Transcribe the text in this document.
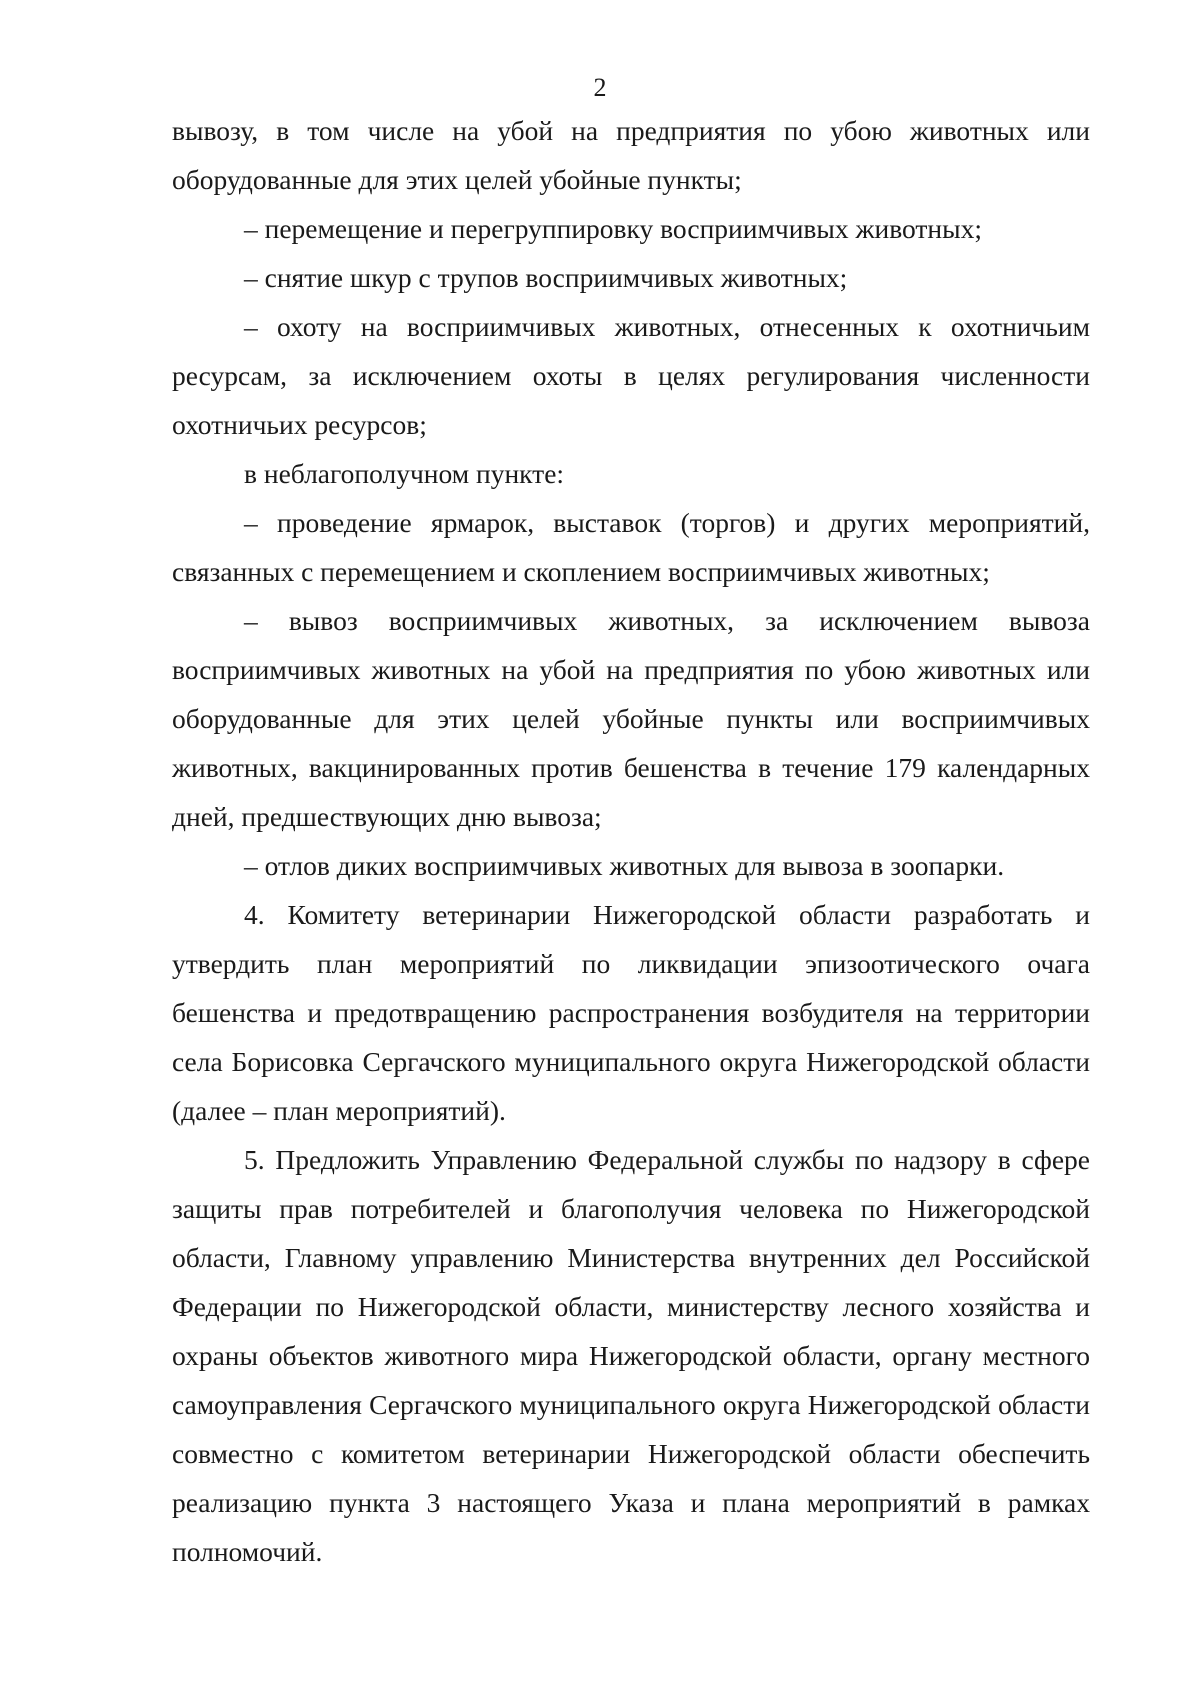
2

вывозу, в том числе на убой на предприятия по убою животных или оборудованные для этих целей убойные пункты;

– перемещение и перегруппировку восприимчивых животных;

– снятие шкур с трупов восприимчивых животных;

– охоту на восприимчивых животных, отнесенных к охотничьим ресурсам, за исключением охоты в целях регулирования численности охотничьих ресурсов;

в неблагополучном пункте:

– проведение ярмарок, выставок (торгов) и других мероприятий, связанных с перемещением и скоплением восприимчивых животных;

– вывоз восприимчивых животных, за исключением вывоза восприимчивых животных на убой на предприятия по убою животных или оборудованные для этих целей убойные пункты или восприимчивых животных, вакцинированных против бешенства в течение 179 календарных дней, предшествующих дню вывоза;

– отлов диких восприимчивых животных для вывоза в зоопарки.

4. Комитету ветеринарии Нижегородской области разработать и утвердить план мероприятий по ликвидации эпизоотического очага бешенства и предотвращению распространения возбудителя на территории села Борисовка Сергачского муниципального округа Нижегородской области (далее – план мероприятий).

5. Предложить Управлению Федеральной службы по надзору в сфере защиты прав потребителей и благополучия человека по Нижегородской области, Главному управлению Министерства внутренних дел Российской Федерации по Нижегородской области, министерству лесного хозяйства и охраны объектов животного мира Нижегородской области, органу местного самоуправления Сергачского муниципального округа Нижегородской области совместно с комитетом ветеринарии Нижегородской области обеспечить реализацию пункта 3 настоящего Указа и плана мероприятий в рамках полномочий.
